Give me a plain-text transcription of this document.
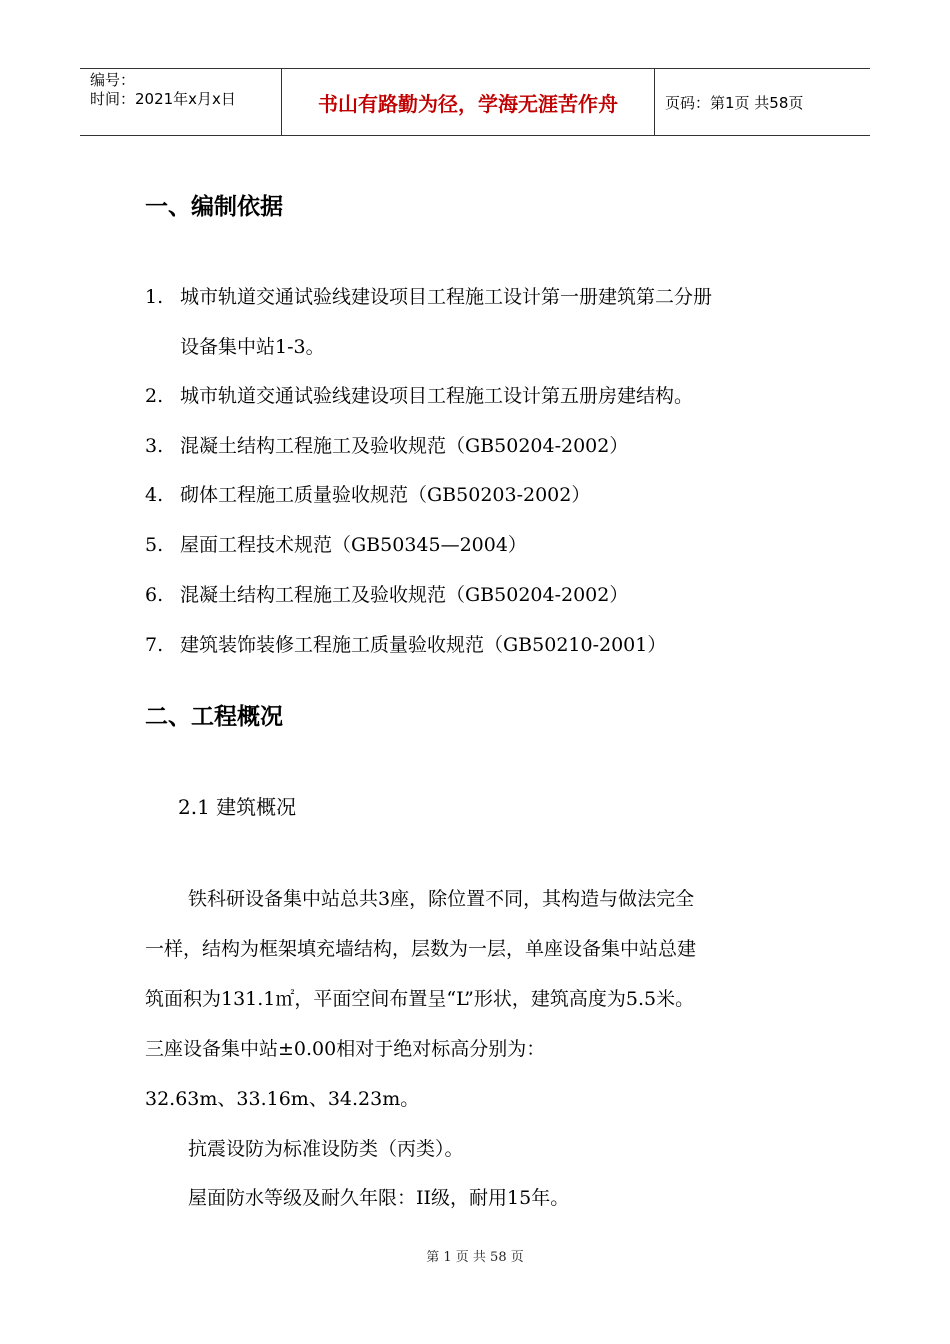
编号：
时间：2021年x月x日	书山有路勤为径，学海无涯苦作舟	页码：第1页 共58页
一、编制依据
1. 城市轨道交通试验线建设项目工程施工设计第一册建筑第二分册
设备集中站1-3。
2. 城市轨道交通试验线建设项目工程施工设计第五册房建结构。
3. 混凝土结构工程施工及验收规范（GB50204-2002）
4. 砌体工程施工质量验收规范（GB50203-2002）
5. 屋面工程技术规范（GB50345—2004）
6. 混凝土结构工程施工及验收规范（GB50204-2002）
7. 建筑装饰装修工程施工质量验收规范（GB50210-2001）
二、工程概况
2.1 建筑概况
铁科研设备集中站总共3座，除位置不同，其构造与做法完全
一样，结构为框架填充墙结构，层数为一层，单座设备集中站总建
筑面积为131.1㎡，平面空间布置呈“L”形状，建筑高度为5.5米。
三座设备集中站±0.00相对于绝对标高分别为：
32.63m、33.16m、34.23m。
抗震设防为标准设防类（丙类）。
屋面防水等级及耐久年限：II级，耐用15年。
第 1 页 共 58 页
